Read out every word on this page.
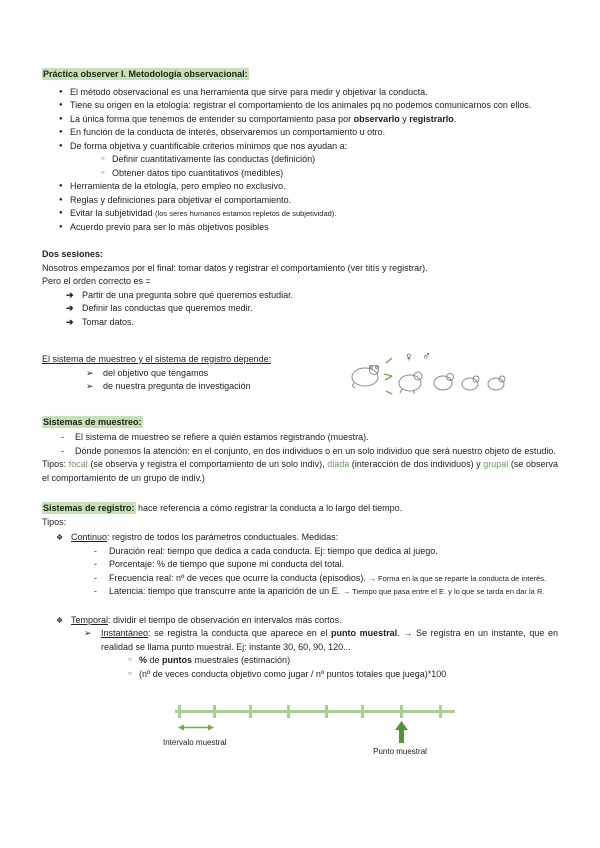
Práctica observer I. Metodología observacional:
● El método observacional es una herramienta que sirve para medir y objetivar la conducta.
● Tiene su origen en la etología: registrar el comportamiento de los animales pq no podemos comunicarnos con ellos.
● La única forma que tenemos de entender su comportamiento pasa por observarlo y registrarlo.
● En función de la conducta de interés, observaremos un comportamiento u otro.
● De forma objetiva y cuantificable criterios mínimos que nos ayudan a:
○ Definir cuantitativamente las conductas (definición)
○ Obtener datos tipo cuantitativos (medibles)
● Herramienta de la etología, pero empleo no exclusivo.
● Reglas y definiciones para objetivar el comportamiento.
● Evitar la subjetividad (los seres humanos estamos repletos de subjetividad).
● Acuerdo previo para ser lo más objetivos posibles
Dos sesiones:
Nosotros empezamos por el final: tomar datos y registrar el comportamiento (ver titís y registrar).
Pero el orden correcto es =
➔ Partir de una pregunta sobre qué queremos estudiar.
➔ Definir las conductas que queremos medir.
➔ Tomar datos.
El sistema de muestreo y el sistema de registro depende:
➢	del objetivo que tengamos
➢	de nuestra pregunta de investigación
♀ ♂
Sistemas de muestreo:
-	El sistema de muestreo se refiere a quién estamos registrando (muestra).
-	Dónde ponemos la atención: en el conjunto, en dos individuos o en un solo individuo que será nuestro objeto de estudio.
Tipos: focal (se observa y registra el comportamiento de un solo indiv), diada (interacción de dos individuos) y grupal (se observa el comportamiento de un grupo de indiv.)
Sistemas de registro: hace referencia a cómo registrar la conducta a lo largo del tiempo.
Tipos:
❖ Continuo: registro de todos los parámetros conductuales. Medidas:
-	Duración real: tiempo que dedica a cada conducta. Ej: tiempo que dedica al juego.
-	Porcentaje: % de tiempo que supone mi conducta del total.
-	Frecuencia real: nº de veces que ocurre la conducta (episodios). → Forma en la que se reparte la conducta de interés.
-	Latencia: tiempo que transcurre ante la aparición de un E. → Tiempo que pasa entre el E. y lo que se tarda en dar la R.
❖ Temporal: dividir el tiempo de observación en intervalos más cortos.
➢	Instantáneo: se registra la conducta que aparece en el punto muestral. → Se registra en un instante, que en realidad se llama punto muestral. Ej: instante 30, 60, 90, 120...
○ % de puntos muestrales (estimación)
○ (nº de veces conducta objetivo como jugar / nº puntos totales que juega)*100
Intervalo muestral
Punto muestral
